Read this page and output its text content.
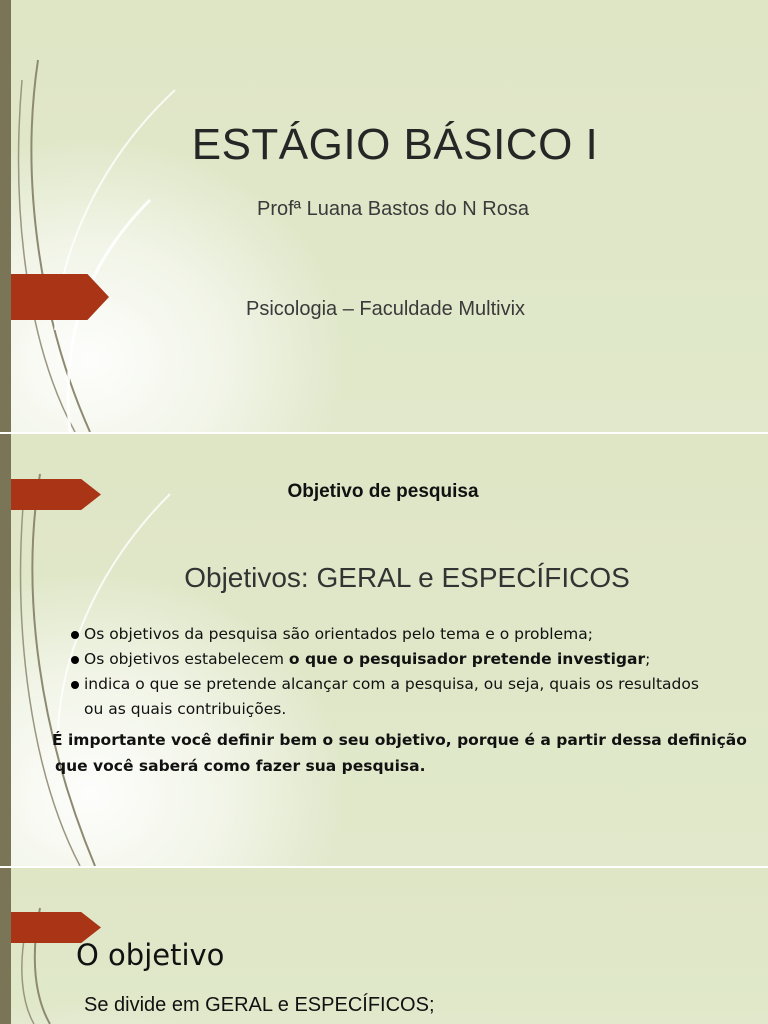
ESTÁGIO BÁSICO I
Profª Luana Bastos do N Rosa
Psicologia – Faculdade Multivix
Objetivo de pesquisa
Objetivos: GERAL e ESPECÍFICOS
Os objetivos da pesquisa são orientados pelo tema e o problema;
Os objetivos estabelecem o que o pesquisador pretende investigar;
indica o que se pretende alcançar com a pesquisa, ou seja, quais os resultados
ou as quais contribuições.
É importante você definir bem o seu objetivo, porque é a partir dessa definição
que você saberá como fazer sua pesquisa.
O objetivo
Se divide em GERAL e ESPECÍFICOS;
